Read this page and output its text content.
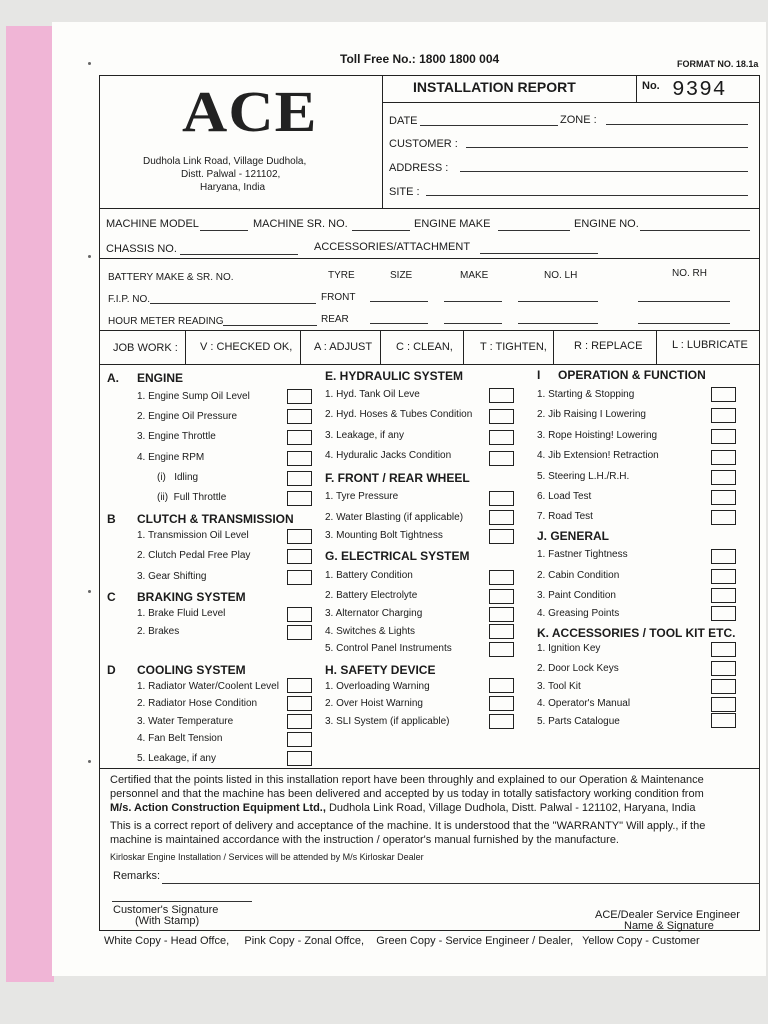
Toll Free No.: 1800 1800 004	FORMAT NO. 18.1a
ACE
Dudhola Link Road, Village Dudhola,
Distt. Palwal - 121102,
Haryana, India
INSTALLATION REPORT	No. 9394
DATE	ZONE :
CUSTOMER :
ADDRESS :
SITE :
MACHINE MODEL	MACHINE SR. NO.	ENGINE MAKE	ENGINE NO.
CHASSIS NO.	ACCESSORIES/ATTACHMENT
BATTERY MAKE & SR. NO.	TYRE	SIZE	MAKE	NO. LH	NO. RH
F.I.P. NO.	FRONT
HOUR METER READING	REAR
JOB WORK : V : CHECKED OK, A : ADJUST C : CLEAN, T : TIGHTEN, R : REPLACE	L : LUBRICATE
A. ENGINE
1. Engine Sump Oil Level
2. Engine Oil Pressure
3. Engine Throttle
4. Engine RPM
(i)   Idling
(ii)  Full Throttle
B CLUTCH & TRANSMISSION
1. Transmission Oil Level
2. Clutch Pedal Free Play
3. Gear Shifting
C BRAKING SYSTEM
1. Brake Fluid Level
2. Brakes
D COOLING SYSTEM
1. Radiator Water/Coolent Level
2. Radiator Hose Condition
3. Water Temperature
4. Fan Belt Tension
5. Leakage, if any
E. HYDRAULIC SYSTEM
1. Hyd. Tank Oil Leve
2. Hyd. Hoses & Tubes Condition
3. Leakage, if any
4. Hyduralic Jacks Condition
F. FRONT / REAR WHEEL
1. Tyre Pressure
2. Water Blasting (if applicable)
3. Mounting Bolt Tightness
G. ELECTRICAL SYSTEM
1. Battery Condition
2. Battery Electrolyte
3. Alternator Charging
4. Switches & Lights
5. Control Panel Instruments
H. SAFETY DEVICE
1. Overloading Warning
2. Over Hoist Warning
3. SLI System (if applicable)
I OPERATION & FUNCTION
1. Starting & Stopping
2. Jib Raising I Lowering
3. Rope Hoisting! Lowering
4. Jib Extension! Retraction
5. Steering L.H./R.H.
6. Load Test
7. Road Test
J. GENERAL
1. Fastner Tightness
2. Cabin Condition
3. Paint Condition
4. Greasing Points
K. ACCESSORIES / TOOL KIT ETC.
1. Ignition Key
2. Door Lock Keys
3. Tool Kit
4. Operator's Manual
5. Parts Catalogue
Certified that the points listed in this installation report have been throughly and explained to our Operation & Maintenance
personnel and that the machine has been delivered and accepted by us today in totally satisfactory working condition from
M/s. Action Construction Equipment Ltd., Dudhola Link Road, Village Dudhola, Distt. Palwal - 121102, Haryana, India
This is a correct report of delivery and acceptance of the machine. It is understood that the "WARRANTY" Will apply., if the
machine is maintained accordance with the instruction / operator's manual furnished by the manufacture.
Kirloskar Engine Installation / Services will be attended by M/s Kirloskar Dealer
Remarks:
Customer's Signature
(With Stamp)	ACE/Dealer Service Engineer
Name & Signature
White Copy - Head Offce,     Pink Copy - Zonal Offce,    Green Copy - Service Engineer / Dealer,   Yellow Copy - Customer
